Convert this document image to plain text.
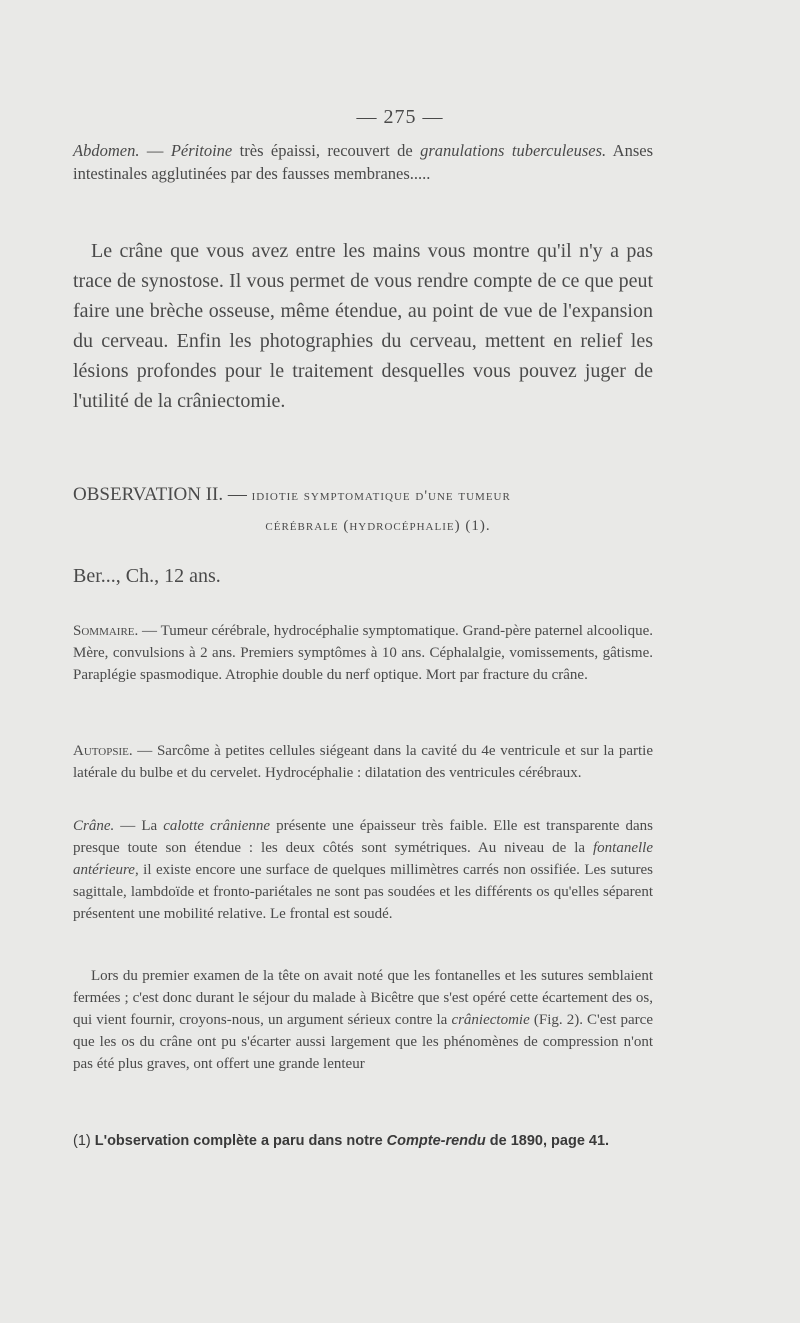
— 275 —
Abdomen. — Péritoine très épaissi, recouvert de granulations tuberculeuses. Anses intestinales agglutinées par des fausses membranes.....
Le crâne que vous avez entre les mains vous montre qu'il n'y a pas trace de synostose. Il vous permet de vous rendre compte de ce que peut faire une brèche osseuse, même étendue, au point de vue de l'expansion du cerveau. Enfin les photographies du cerveau, mettent en relief les lésions profondes pour le traitement desquelles vous pouvez juger de l'utilité de la crâniectomie.
OBSERVATION II. — idiotie symptomatique d'une tumeur
cérébrale (hydrocéphalie) (1).
Ber..., Ch., 12 ans.
Sommaire. — Tumeur cérébrale, hydrocéphalie symptomatique. Grand-père paternel alcoolique. Mère, convulsions à 2 ans. Premiers symptômes à 10 ans. Céphalalgie, vomissements, gâtisme. Paraplégie spasmodique. Atrophie double du nerf optique. Mort par fracture du crâne.
Autopsie. — Sarcôme à petites cellules siégeant dans la cavité du 4e ventricule et sur la partie latérale du bulbe et du cervelet. Hydrocéphalie : dilatation des ventricules cérébraux.
Crâne. — La calotte crânienne présente une épaisseur très faible. Elle est transparente dans presque toute son étendue : les deux côtés sont symétriques. Au niveau de la fontanelle antérieure, il existe encore une surface de quelques millimètres carrés non ossifiée. Les sutures sagittale, lambdoïde et fronto-pariétales ne sont pas soudées et les différents os qu'elles séparent présentent une mobilité relative. Le frontal est soudé.
Lors du premier examen de la tête on avait noté que les fontanelles et les sutures semblaient fermées ; c'est donc durant le séjour du malade à Bicêtre que s'est opéré cette écartement des os, qui vient fournir, croyons-nous, un argument sérieux contre la crâniectomie (Fig. 2). C'est parce que les os du crâne ont pu s'écarter aussi largement que les phénomènes de compression n'ont pas été plus graves, ont offert une grande lenteur
(1) L'observation complète a paru dans notre Compte-rendu de 1890, page 41.
